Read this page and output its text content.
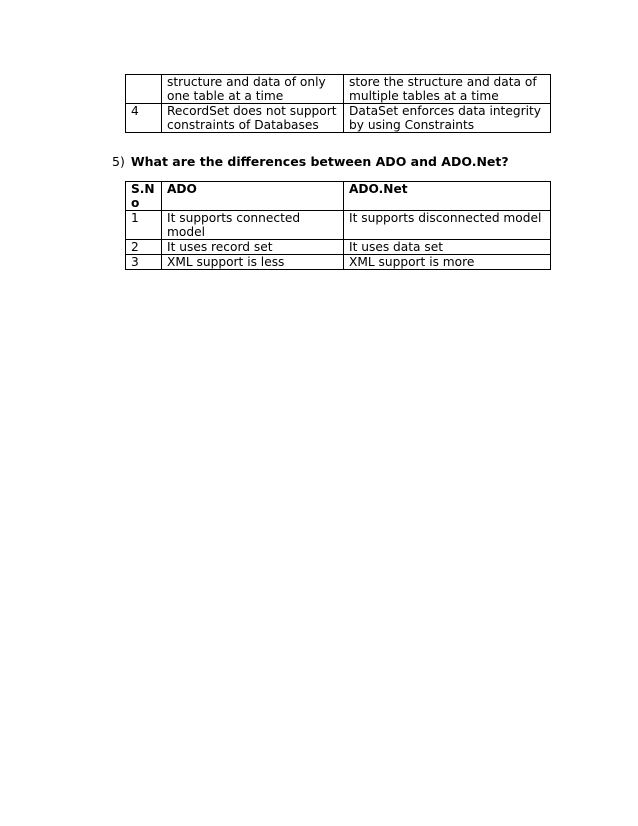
	structure and data of only one table at a time	store the structure and data of multiple tables at a time
4	RecordSet does not support constraints of Databases	DataSet enforces data integrity by using Constraints
5) What are the differences between ADO and ADO.Net?
S.N o	ADO	ADO.Net
1	It supports connected model	It supports disconnected model
2	It uses record set	It uses data set
3	XML support is less	XML support is more
